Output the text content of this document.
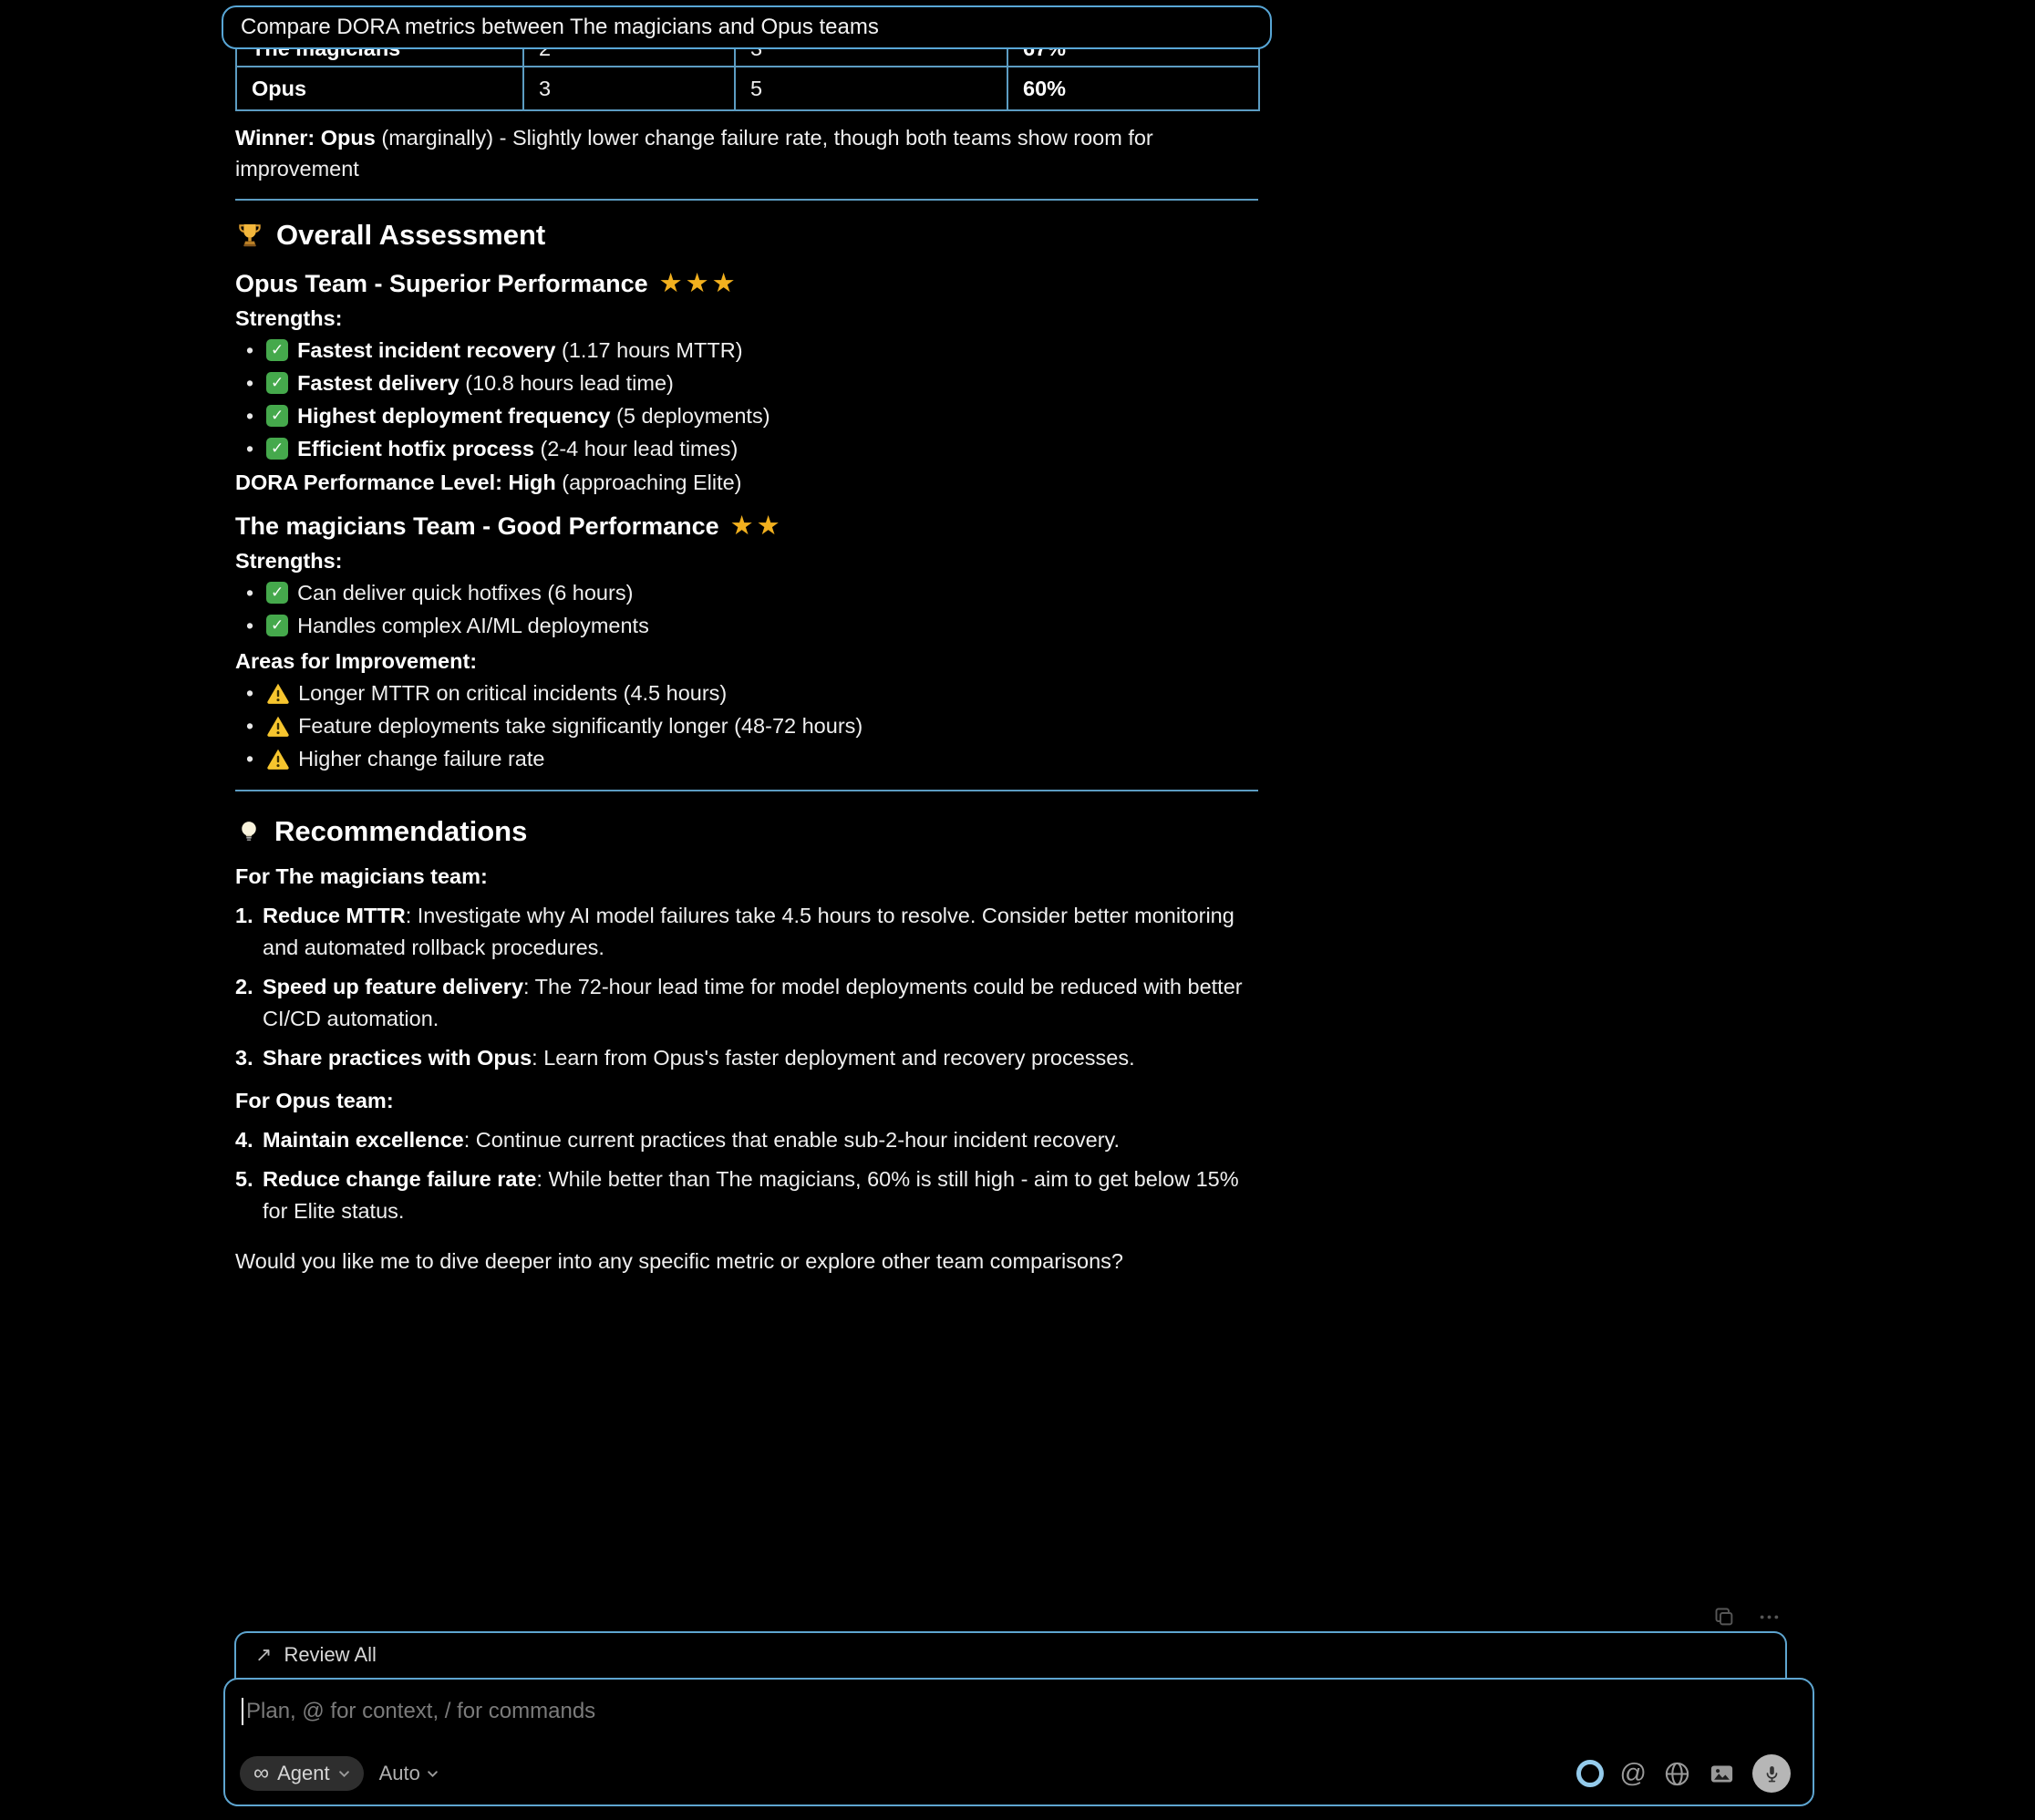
Opus	3	5	60%
Winner: Opus (marginally) - Slightly lower change failure rate, though both teams show room for improvement
Overall Assessment
Opus Team - Superior Performance ★★★
Strengths:
✓
• Fastest incident recovery (1.17 hours MTTR)
✓
• Fastest delivery (10.8 hours lead time)
✓
• Highest deployment frequency (5 deployments)
✓
• Efficient hotfix process (2-4 hour lead times)
DORA Performance Level: High (approaching Elite)
The magicians Team - Good Performance ★★
Strengths:
✓
• Can deliver quick hotfixes (6 hours)
✓
• Handles complex AI/ML deployments
Areas for Improvement:
• Longer MTTR on critical incidents (4.5 hours)
• Feature deployments take significantly longer (48-72 hours)
• Higher change failure rate
Recommendations
For The magicians team:
1. Reduce MTTR: Investigate why AI model failures take 4.5 hours to resolve. Consider better monitoring and automated rollback procedures.
2. Speed up feature delivery: The 72-hour lead time for model deployments could be reduced with better CI/CD automation.
3. Share practices with Opus: Learn from Opus's faster deployment and recovery processes.
For Opus team:
4. Maintain excellence: Continue current practices that enable sub-2-hour incident recovery.
5. Reduce change failure rate: While better than The magicians, 60% is still high - aim to get below 15% for Elite status.
Would you like me to dive deeper into any specific metric or explore other team comparisons?
Compare DORA metrics between The magicians and Opus teams
↗ Review All
Plan, @ for context, / for commands
∞ Agent Auto	@
